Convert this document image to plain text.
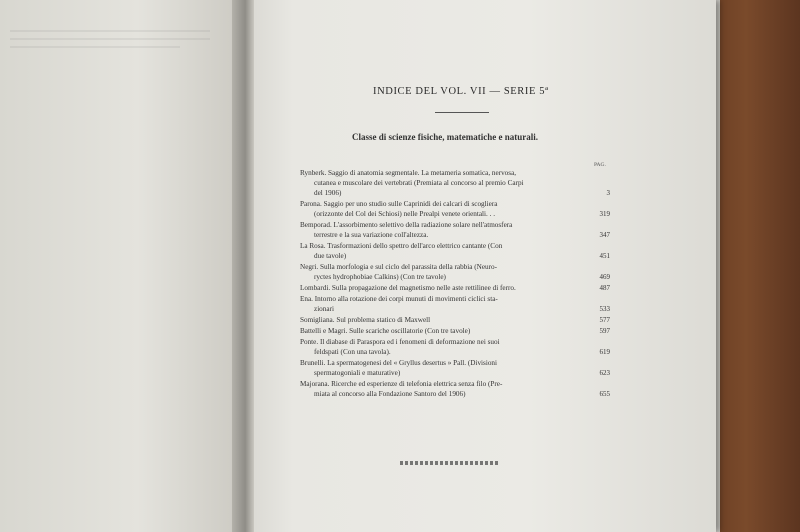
INDICE DEL VOL. VII — SERIE 5ª
Classe di scienze fisiche, matematiche e naturali.
PAG.
Rynberk. Saggio di anatomia segmentale. La metameria somatica, nervosa,
cutanea e muscolare dei vertebrati (Premiata al concorso al premio Carpi
del 1906)	3
Parona. Saggio per uno studio sulle Caprinidi dei calcari di scogliera
(orizzonte del Col dei Schiosi) nelle Prealpi venete orientali. . .	319
Bemporad. L'assorbimento selettivo della radiazione solare nell'atmosfera
terrestre e la sua variazione coll'altezza.	347
La Rosa. Trasformazioni dello spettro dell'arco elettrico cantante (Con
due tavole)	451
Negri. Sulla morfologia e sul ciclo del parassita della rabbia (Neuro-
ryctes hydrophobiae Calkins) (Con tre tavole)	469
Lombardi. Sulla propagazione del magnetismo nelle aste rettilinee di ferro.	487
Ena. Intorno alla rotazione dei corpi munuti di movimenti ciclici sta-
zionari	533
Somigliana. Sul problema statico di Maxwell	577
Battelli e Magri. Sulle scariche oscillatorie (Con tre tavole)	597
Ponte. Il diabase di Paraspora ed i fenomeni di deformazione nei suoi
feldspati (Con una tavola).	619
Brunelli. La spermatogenesi del « Gryllus desertus » Pall. (Divisioni
spermatogoniali e maturative)	623
Majorana. Ricerche ed esperienze di telefonia elettrica senza filo (Pre-
miata al concorso alla Fondazione Santoro del 1906)	655
